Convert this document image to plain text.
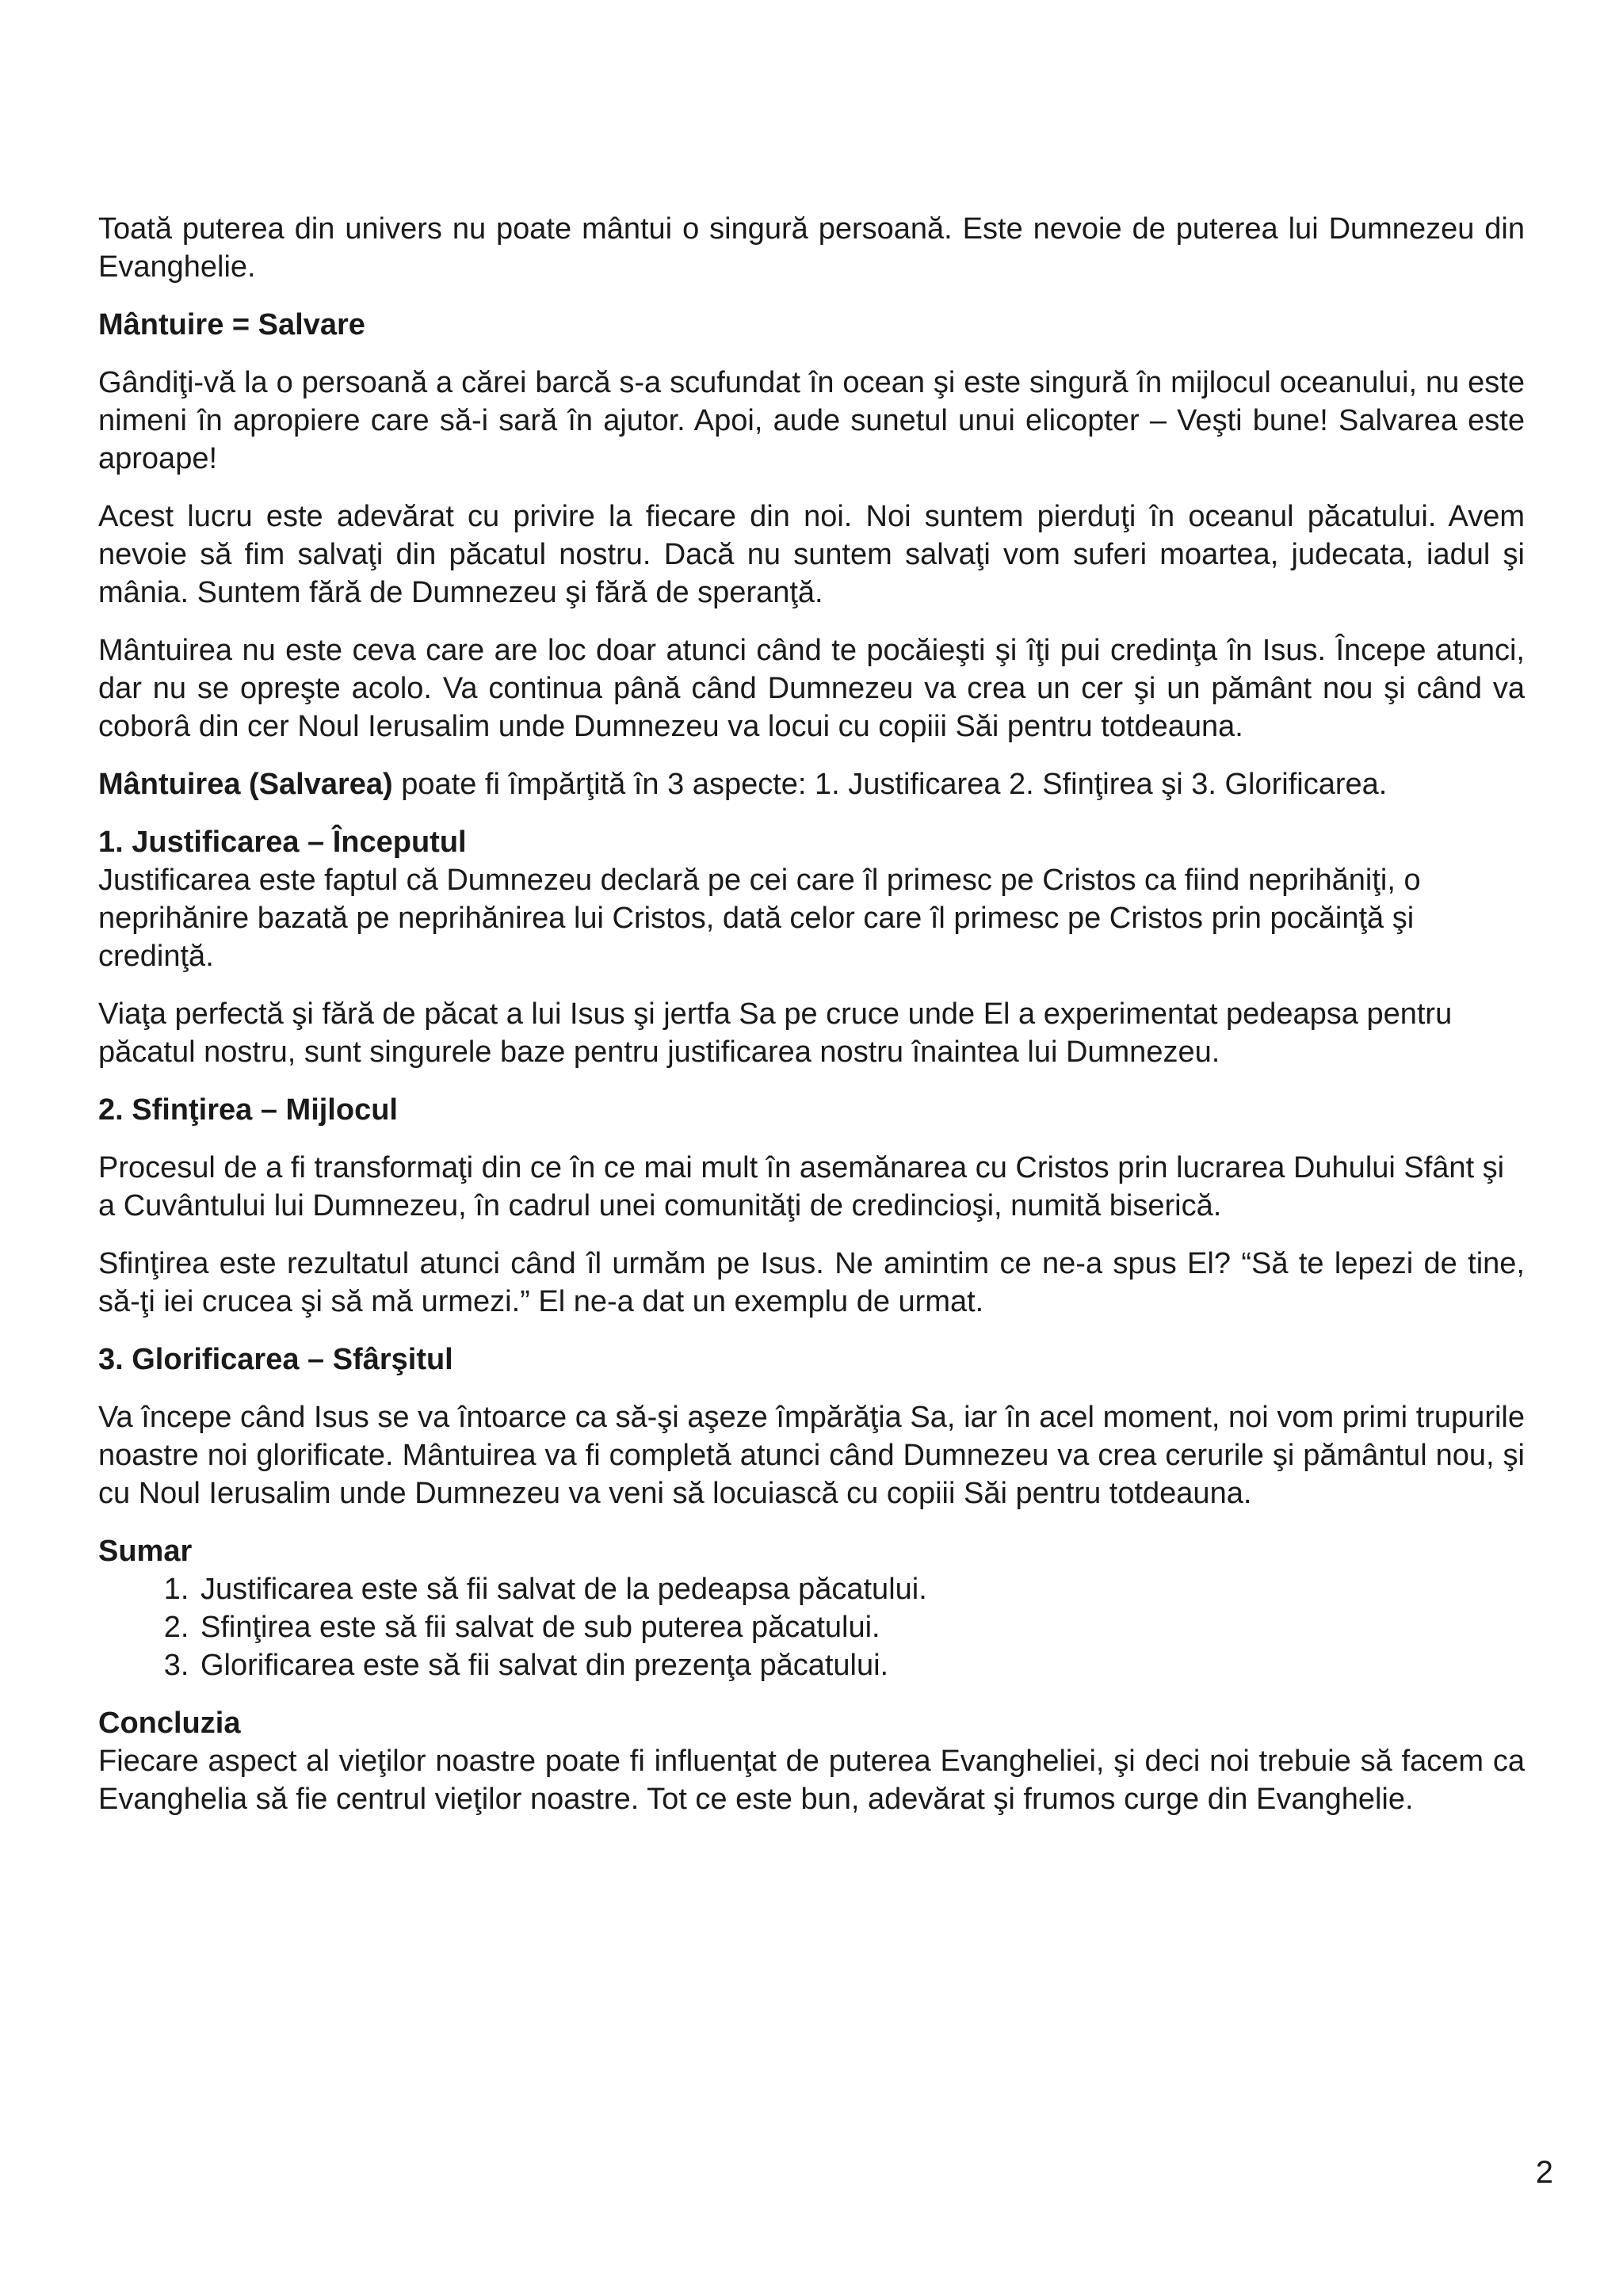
Toată puterea din univers nu poate mântui o singură persoană. Este nevoie de puterea lui Dumnezeu din Evanghelie.

Mântuire = Salvare

Gândiţi-vă la o persoană a cărei barcă s-a scufundat în ocean şi este singură în mijlocul oceanului, nu este nimeni în apropiere care să-i sară în ajutor. Apoi, aude sunetul unui elicopter – Veşti bune! Salvarea este aproape!

Acest lucru este adevărat cu privire la fiecare din noi. Noi suntem pierduţi în oceanul păcatului. Avem nevoie să fim salvaţi din păcatul nostru. Dacă nu suntem salvaţi vom suferi moartea, judecata, iadul şi mânia. Suntem fără de Dumnezeu şi fără de speranţă.

Mântuirea nu este ceva care are loc doar atunci când te pocăieşti şi îţi pui credinţa în Isus. Începe atunci, dar nu se opreşte acolo. Va continua până când Dumnezeu va crea un cer şi un pământ nou şi când va coborâ din cer Noul Ierusalim unde Dumnezeu va locui cu copiii Săi pentru totdeauna.

Mântuirea (Salvarea) poate fi împărţită în 3 aspecte: 1. Justificarea 2. Sfinţirea şi 3. Glorificarea.

1. Justificarea – Începutul

Justificarea este faptul că Dumnezeu declară pe cei care îl primesc pe Cristos ca fiind neprihăniţi, o neprihănire bazată pe neprihănirea lui Cristos, dată celor care îl primesc pe Cristos prin pocăinţă şi credinţă.

Viaţa perfectă şi fără de păcat a lui Isus şi jertfa Sa pe cruce unde El a experimentat pedeapsa pentru păcatul nostru, sunt singurele baze pentru justificarea nostru înaintea lui Dumnezeu.

2. Sfinţirea – Mijlocul

Procesul de a fi transformaţi din ce în ce mai mult în asemănarea cu Cristos prin lucrarea Duhului Sfânt şi a Cuvântului lui Dumnezeu, în cadrul unei comunităţi de credincioşi, numită biserică.

Sfinţirea este rezultatul atunci când îl urmăm pe Isus. Ne amintim ce ne-a spus El? “Să te lepezi de tine, să-ţi iei crucea şi să mă urmezi.” El ne-a dat un exemplu de urmat.

3. Glorificarea – Sfârşitul

Va începe când Isus se va întoarce ca să-şi aşeze împărăţia Sa, iar în acel moment, noi vom primi trupurile noastre noi glorificate. Mântuirea va fi completă atunci când Dumnezeu va crea cerurile şi pământul nou, şi cu Noul Ierusalim unde Dumnezeu va veni să locuiască cu copiii Săi pentru totdeauna.

Sumar
1. Justificarea este să fii salvat de la pedeapsa păcatului.
2. Sfinţirea este să fii salvat de sub puterea păcatului.
3. Glorificarea este să fii salvat din prezenţa păcatului.
Concluzia

Fiecare aspect al vieţilor noastre poate fi influenţat de puterea Evangheliei, şi deci noi trebuie să facem ca Evanghelia să fie centrul vieţilor noastre. Tot ce este bun, adevărat şi frumos curge din Evanghelie.

2
